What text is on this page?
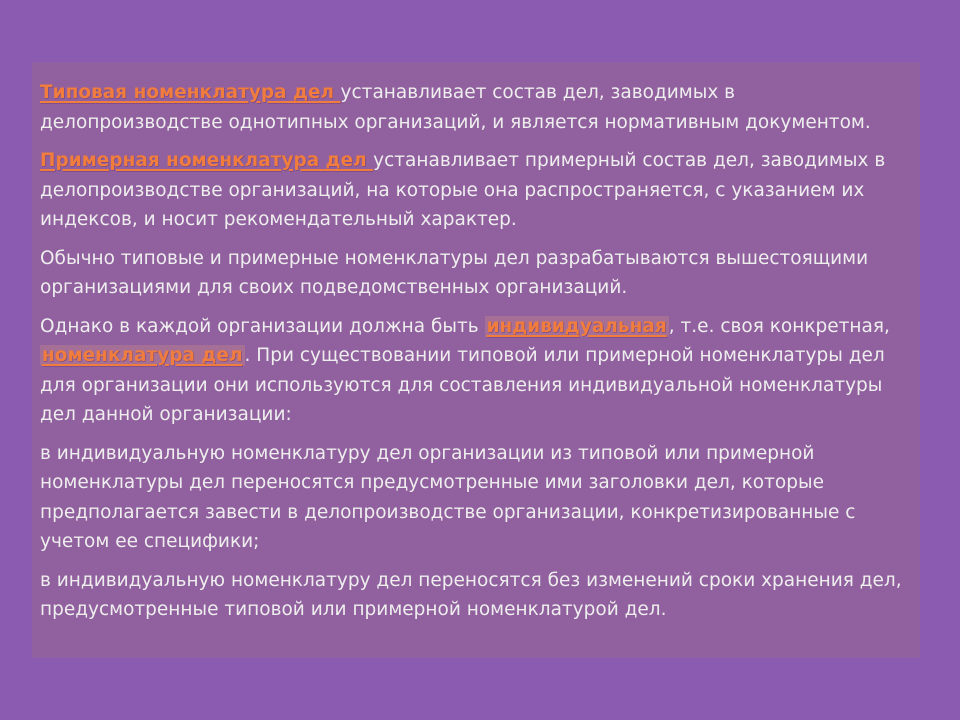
Типовая номенклатура дел устанавливает состав дел, заводимых в делопроизводстве однотипных организаций, и является нормативным документом.

Примерная номенклатура дел устанавливает примерный состав дел, заводимых в делопроизводстве организаций, на которые она распространяется, с указанием их индексов, и носит рекомендательный характер.

Обычно типовые и примерные номенклатуры дел разрабатываются вышестоящими организациями для своих подведомственных организаций.

Однако в каждой организации должна быть индивидуальная , т.е. своя конкретная, номенклатура дел . При существовании типовой или примерной номенклатуры дел для организации они используются для составления индивидуальной номенклатуры дел данной организации:

в индивидуальную номенклатуру дел организации из типовой или примерной номенклатуры дел переносятся предусмотренные ими заголовки дел, которые предполагается завести в делопроизводстве организации, конкретизированные с учетом ее специфики;

в индивидуальную номенклатуру дел переносятся без изменений сроки хранения дел, предусмотренные типовой или примерной номенклатурой дел.
